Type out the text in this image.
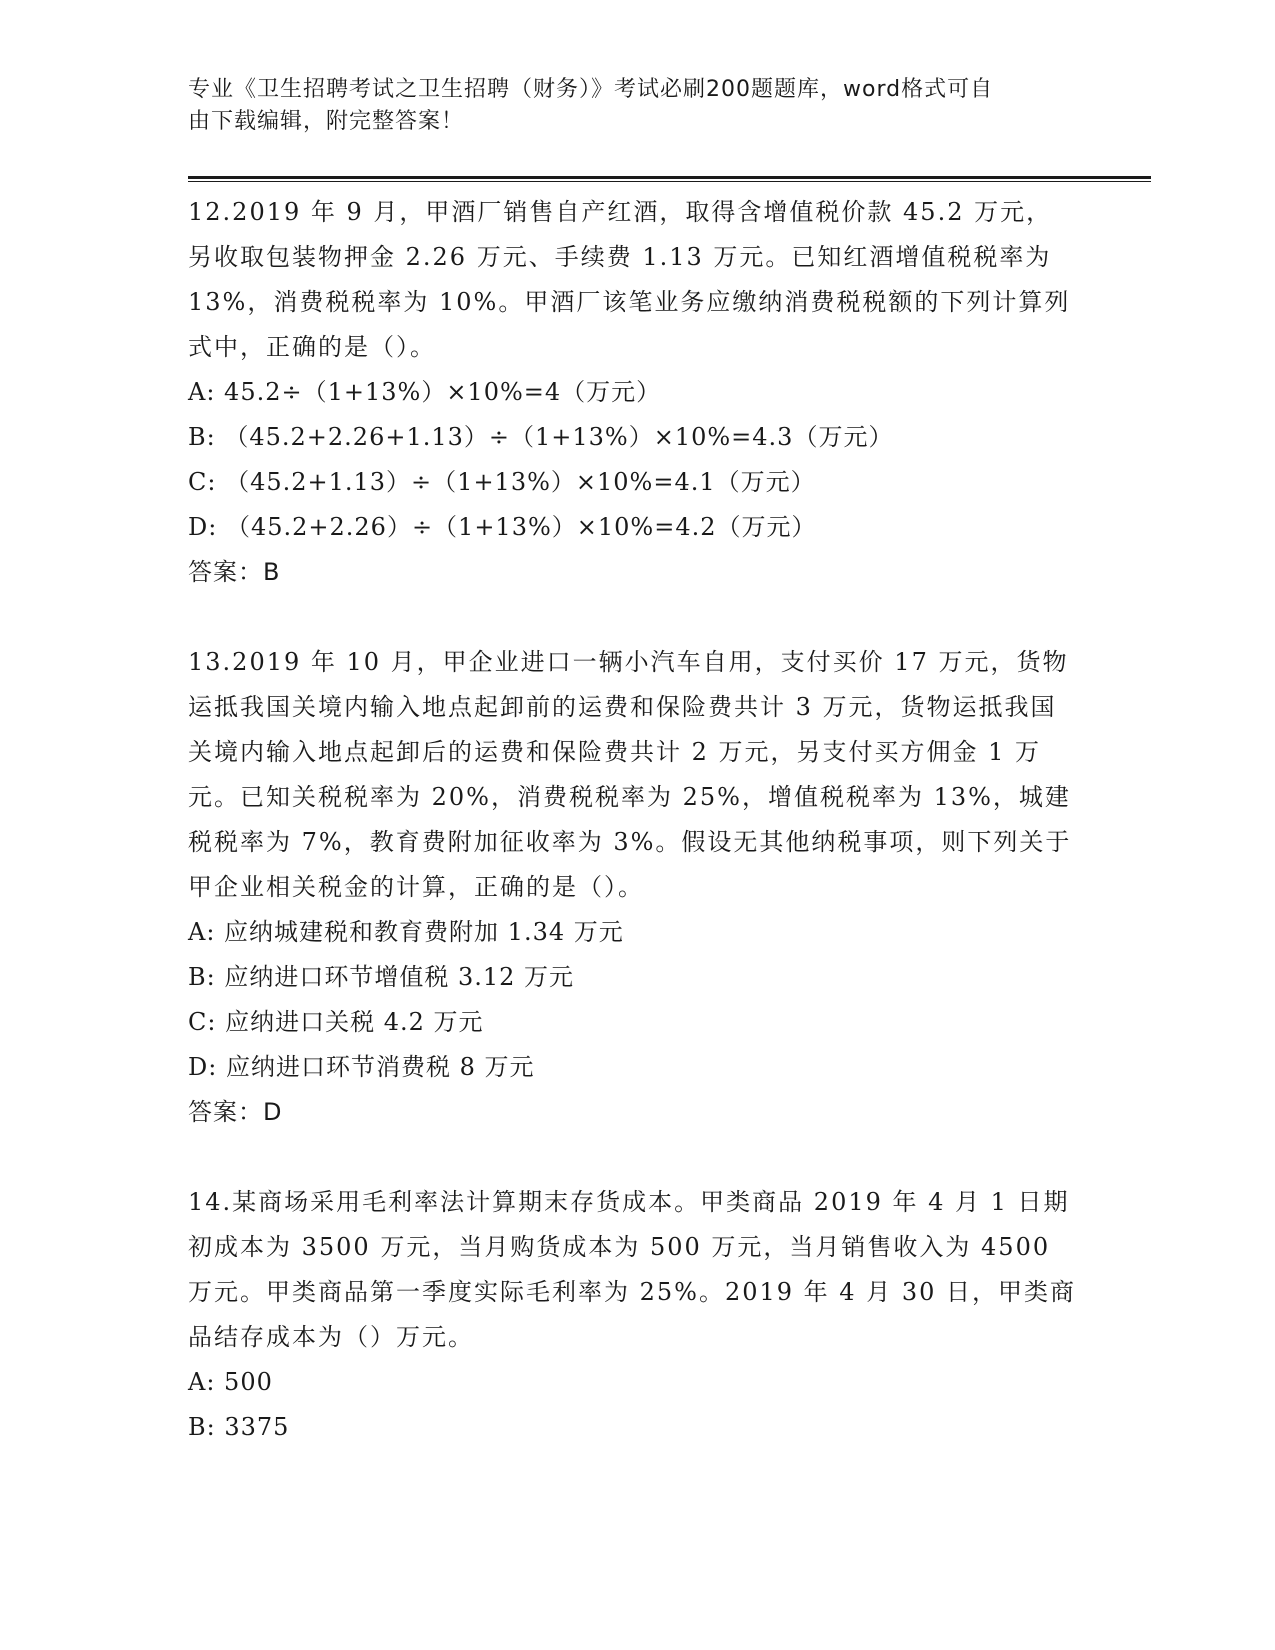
专业《卫生招聘考试之卫生招聘（财务）》考试必刷200题题库，word格式可自
由下载编辑，附完整答案！

12.2019 年 9 月，甲酒厂销售自产红酒，取得含增值税价款 45.2 万元，另收取包装物押金 2.26 万元、手续费 1.13 万元。已知红酒增值税税率为 13%，消费税税率为 10%。甲酒厂该笔业务应缴纳消费税税额的下列计算列式中，正确的是（）。

A: 45.2÷（1+13%）×10%=4（万元）

B: （45.2+2.26+1.13）÷（1+13%）×10%=4.3（万元）

C: （45.2+1.13）÷（1+13%）×10%=4.1（万元）

D: （45.2+2.26）÷（1+13%）×10%=4.2（万元）

答案：B

13.2019 年 10 月，甲企业进口一辆小汽车自用，支付买价 17 万元，货物运抵我国关境内输入地点起卸前的运费和保险费共计 3 万元，货物运抵我国关境内输入地点起卸后的运费和保险费共计 2 万元，另支付买方佣金 1 万元。已知关税税率为 20%，消费税税率为 25%，增值税税率为 13%，城建税税率为 7%，教育费附加征收率为 3%。假设无其他纳税事项，则下列关于甲企业相关税金的计算，正确的是（）。

A: 应纳城建税和教育费附加 1.34 万元

B: 应纳进口环节增值税 3.12 万元

C: 应纳进口关税 4.2 万元

D: 应纳进口环节消费税 8 万元

答案：D

14.某商场采用毛利率法计算期末存货成本。甲类商品 2019 年 4 月 1 日期初成本为 3500 万元，当月购货成本为 500 万元，当月销售收入为 4500 万元。甲类商品第一季度实际毛利率为 25%。2019 年 4 月 30 日，甲类商品结存成本为（）万元。

A: 500

B: 3375
